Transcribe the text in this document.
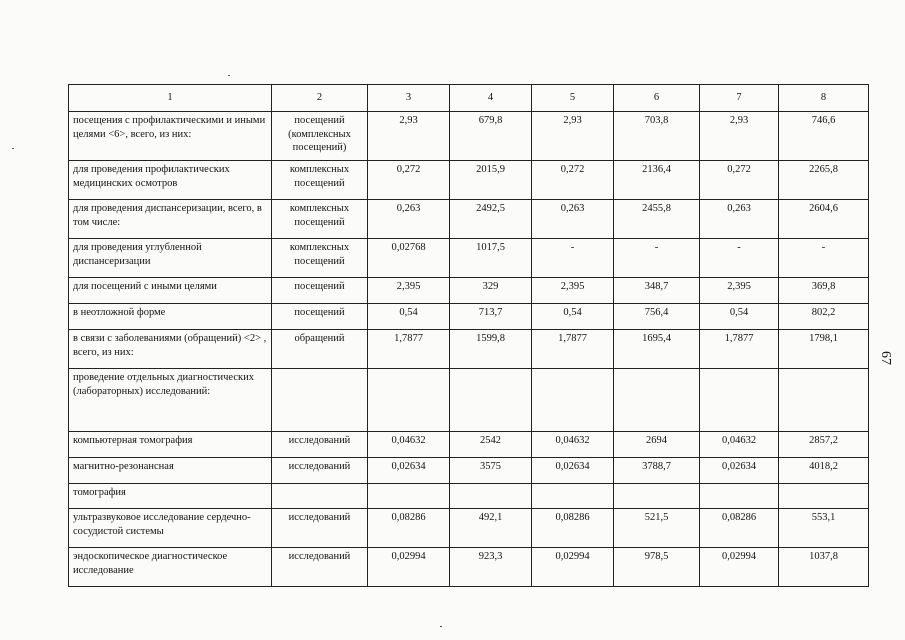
1	2	3	4	5	6	7	8
посещения с профилактическими и иными целями <6>, всего, из них:	посещений (комплексных посещений)	2,93	679,8	2,93	703,8	2,93	746,6
для проведения профилактических медицинских осмотров	комплексных посещений	0,272	2015,9	0,272	2136,4	0,272	2265,8
для проведения диспансеризации, всего, в том числе:	комплексных посещений	0,263	2492,5	0,263	2455,8	0,263	2604,6
для проведения углубленной диспансеризации	комплексных посещений	0,02768	1017,5	-	-	-	-
для посещений с иными целями	посещений	2,395	329	2,395	348,7	2,395	369,8
в неотложной форме	посещений	0,54	713,7	0,54	756,4	0,54	802,2
в связи с заболеваниями (обращений) <2> , всего, из них:	обращений	1,7877	1599,8	1,7877	1695,4	1,7877	1798,1
проведение отдельных диагностических (лабораторных) исследований:							
компьютерная томография	исследований	0,04632	2542	0,04632	2694	0,04632	2857,2
магнитно-резонансная	исследований	0,02634	3575	0,02634	3788,7	0,02634	4018,2
томография							
ультразвуковое исследование сердечно-сосудистой системы	исследований	0,08286	492,1	0,08286	521,5	0,08286	553,1
эндоскопическое диагностическое исследование	исследований	0,02994	923,3	0,02994	978,5	0,02994	1037,8
67
